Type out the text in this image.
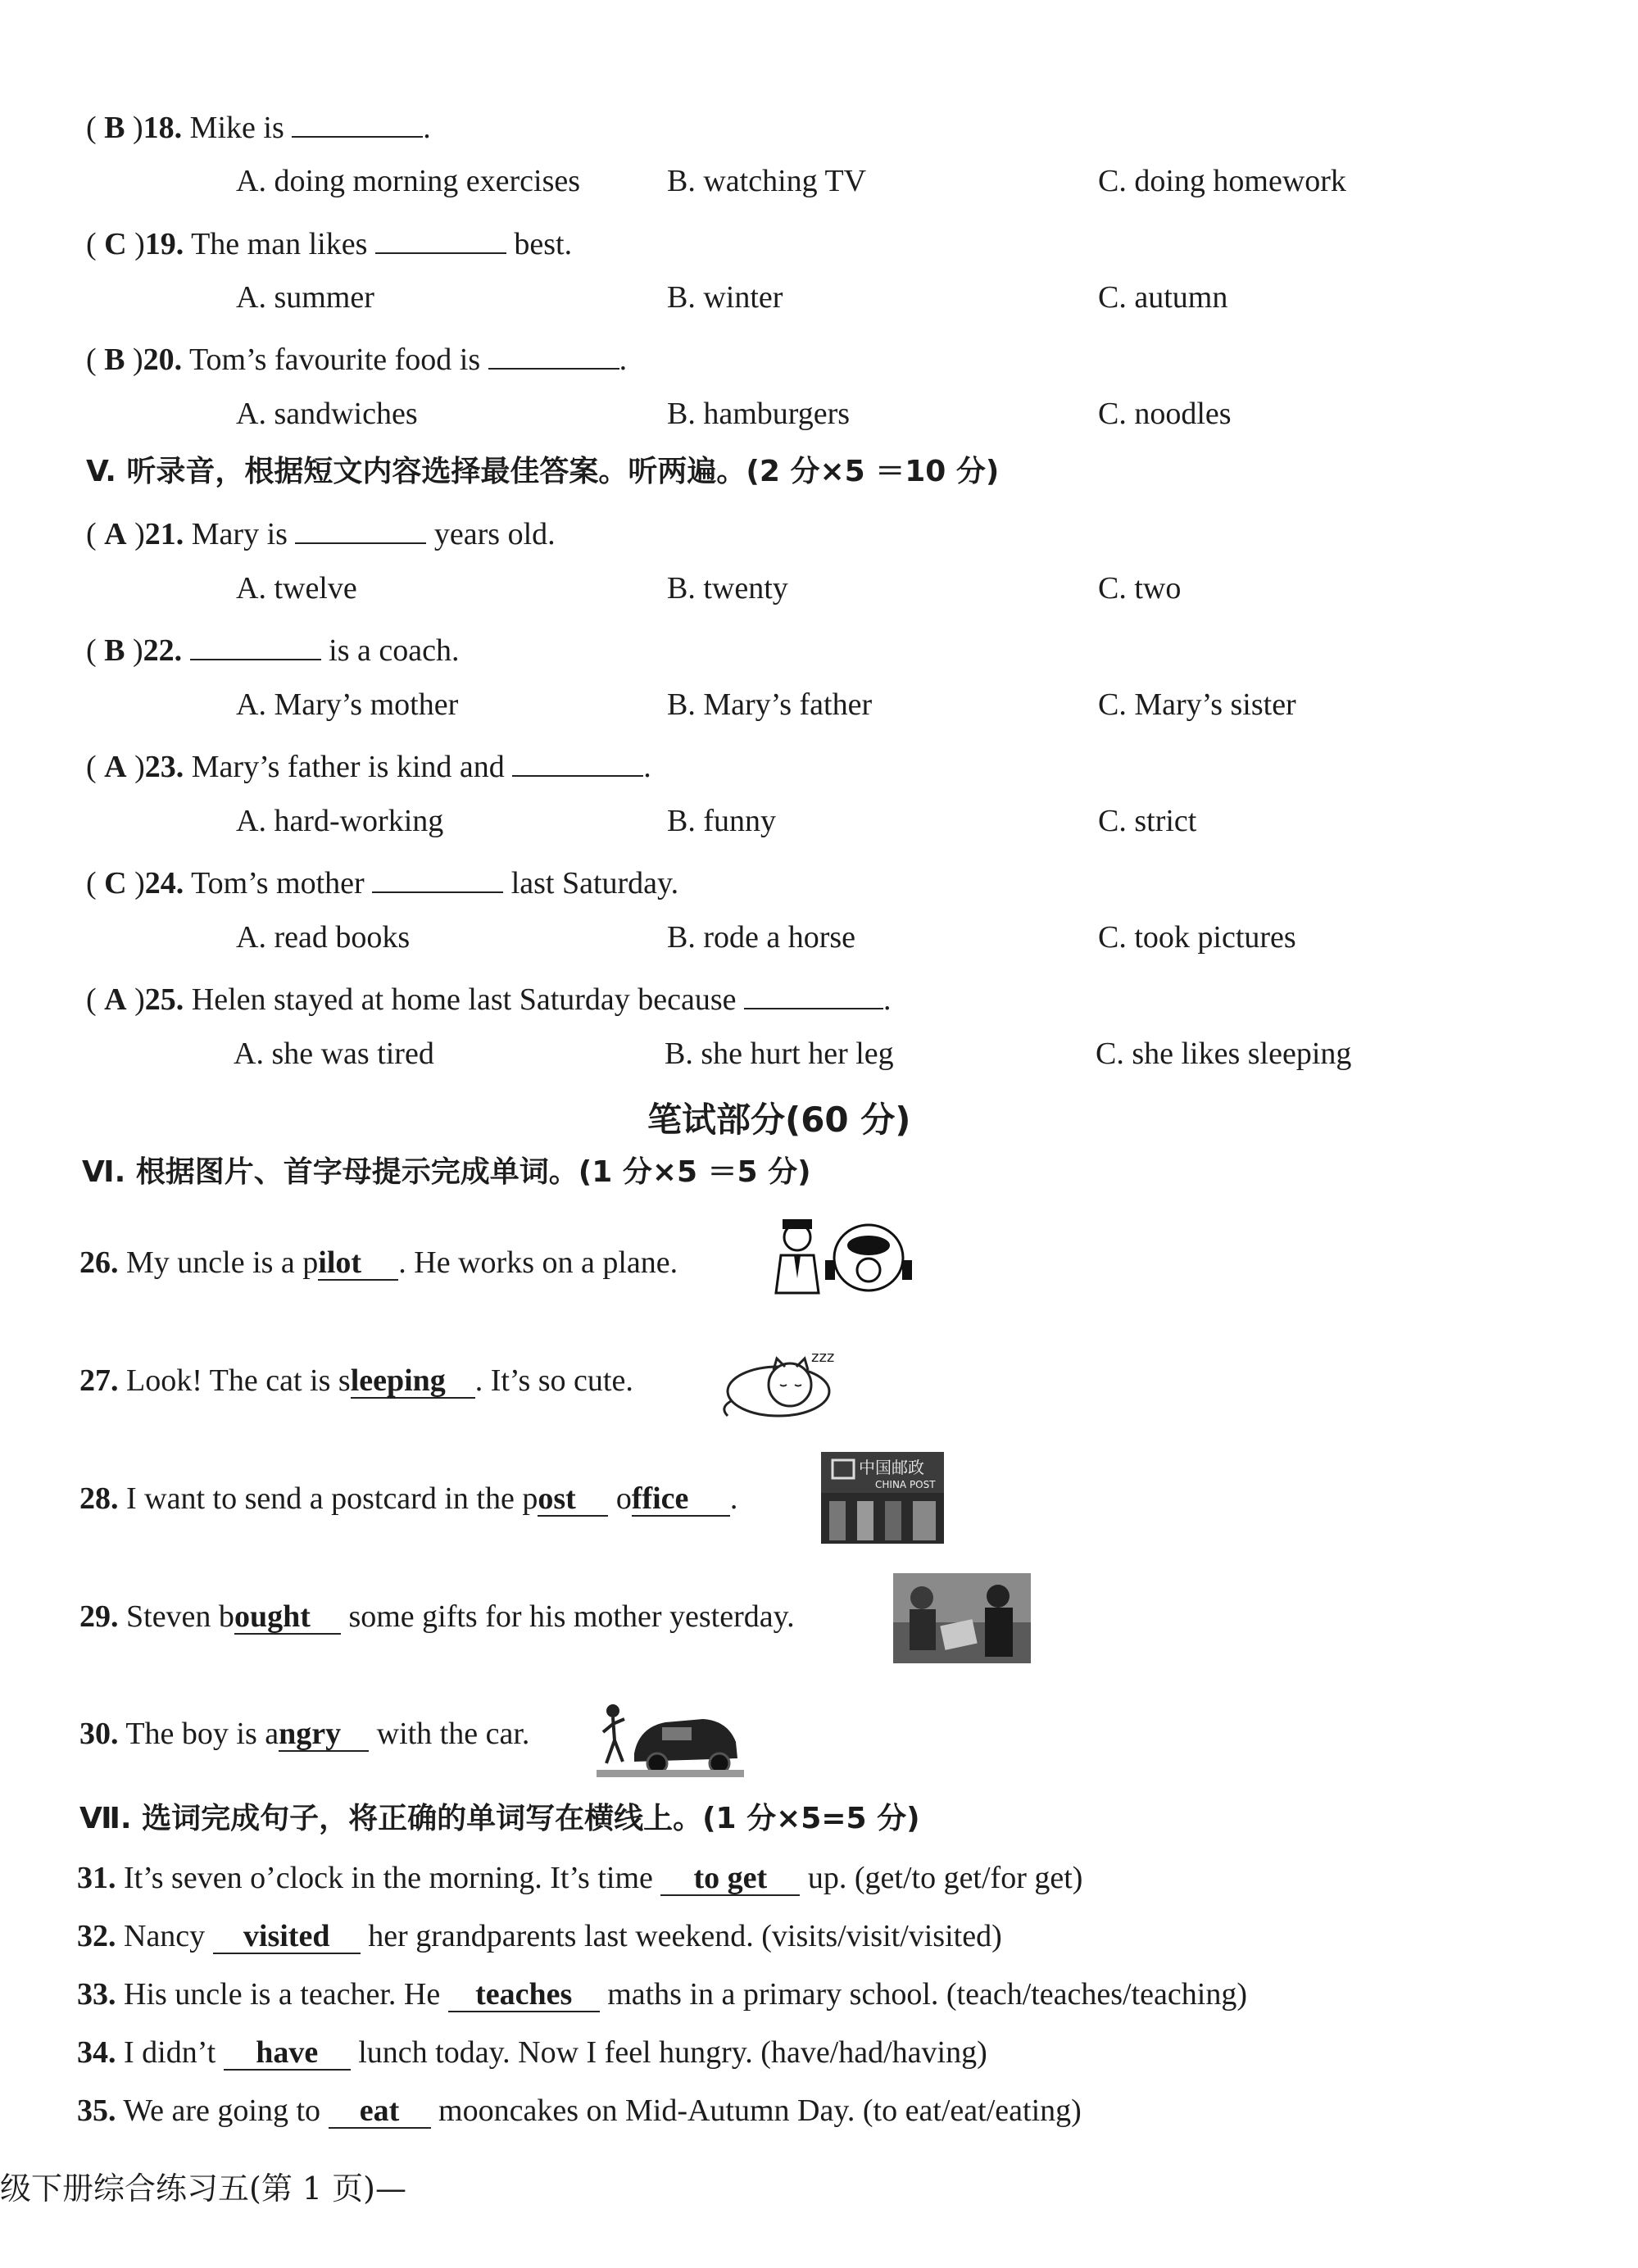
( B )18. Mike is	.
A. doing morning exercises	B. watching TV	C. doing homework
( C )19. The man likes	best.
A. summer	B. winter	C. autumn
( B )20. Tom’s favourite food is	.
A. sandwiches	B. hamburgers	C. noodles
V. 听录音，根据短文内容选择最佳答案。听两遍。(2 分×5 ＝10 分)
( A )21. Mary is	years old.
A. twelve	B. twenty	C. two
( B )22.	is a coach.
A. Mary’s mother	B. Mary’s father	C. Mary’s sister
( A )23. Mary’s father is kind and	.
A. hard-working	B. funny	C. strict
( C )24. Tom’s mother	last Saturday.
A. read books	B. rode a horse	C. took pictures
( A )25. Helen stayed at home last Saturday because	.
A. she was tired	B. she hurt her leg	C. she likes sleeping
笔试部分(60 分)
Ⅵ. 根据图片、首字母提示完成单词。(1 分×5 ＝5 分)
26. My uncle is a pilot . He works on a plane.
27. Look! The cat is sleeping . It’s so cute.
zzz
28. I want to send a postcard in the post office .
中国邮政
CHINA POST
29. Steven bought some gifts for his mother yesterday.
30. The boy is angry with the car.
Ⅶ. 选词完成句子，将正确的单词写在横线上。(1 分×5=5 分)
31. It’s seven o’clock in the morning. It’s time to get up. (get/to get/for get)
32. Nancy visited her grandparents last weekend. (visits/visit/visited)
33. His uncle is a teacher. He teaches maths in a primary school. (teach/teaches/teaching)
34. I didn’t have lunch today. Now I feel hungry. (have/had/having)
35. We are going to eat mooncakes on Mid-Autumn Day. (to eat/eat/eating)
级下册综合练习五(第 1 页)—
